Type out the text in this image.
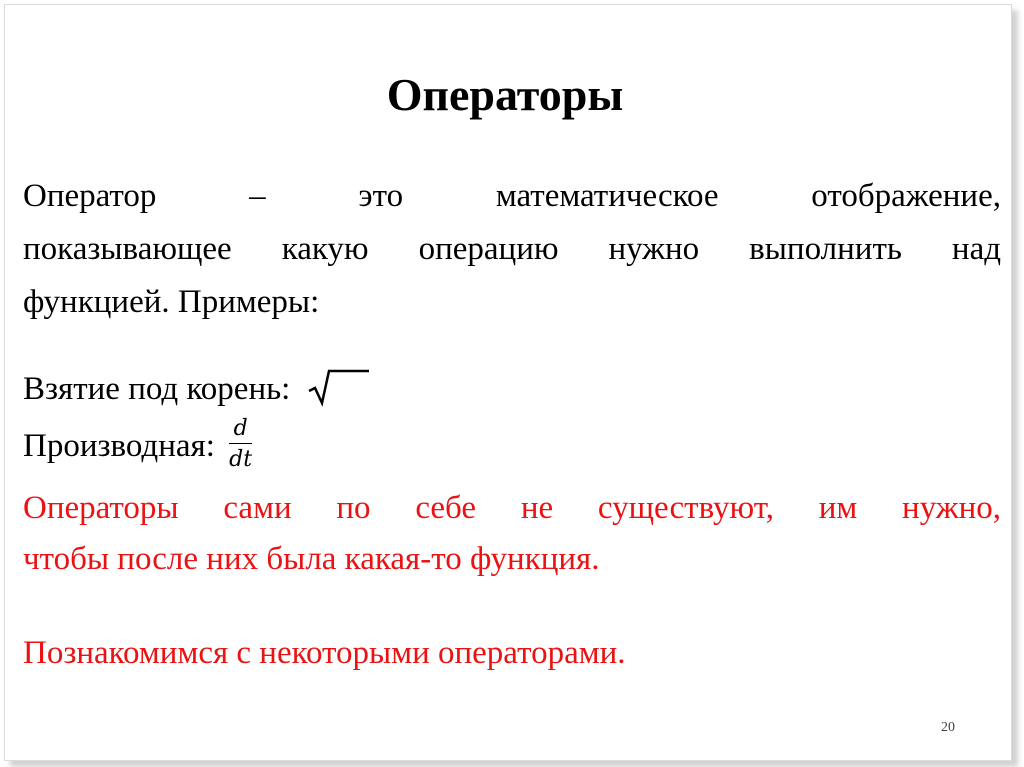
Операторы
Оператор – это математическое отображение,
показывающее какую операцию нужно выполнить над
функцией. Примеры:
Взятие под корень:
Производная: $\frac{d}{dt}$
Операторы сами по себе не существуют, им нужно,
чтобы после них была какая-то функция.
Познакомимся с некоторыми операторами.
20
